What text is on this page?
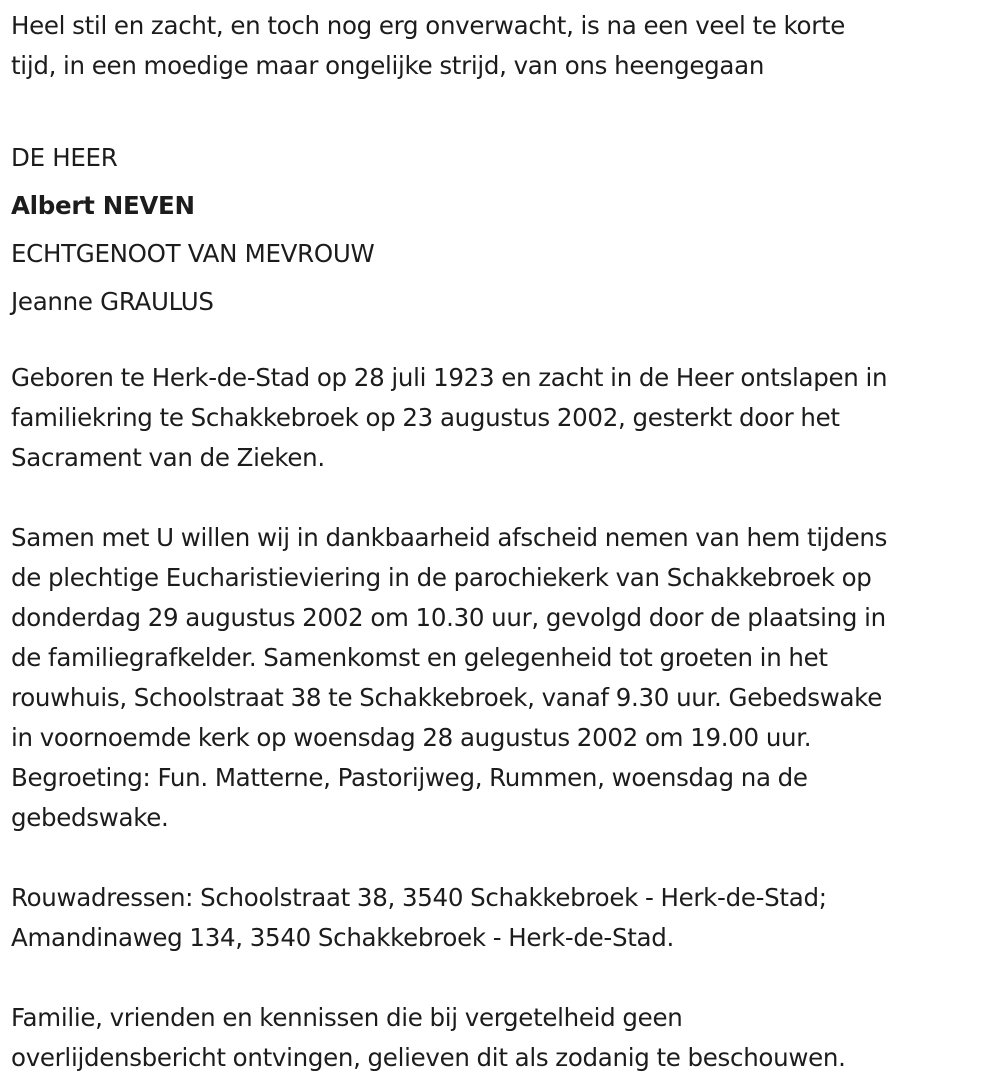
Heel stil en zacht, en toch nog erg onverwacht, is na een veel te korte
tijd, in een moedige maar ongelijke strijd, van ons heengegaan

DE HEER
Albert NEVEN
ECHTGENOOT VAN MEVROUW
Jeanne GRAULUS

Geboren te Herk-de-Stad op 28 juli 1923 en zacht in de Heer ontslapen in
familiekring te Schakkebroek op 23 augustus 2002, gesterkt door het
Sacrament van de Zieken.

Samen met U willen wij in dankbaarheid afscheid nemen van hem tijdens
de plechtige Eucharistieviering in de parochiekerk van Schakkebroek op
donderdag 29 augustus 2002 om 10.30 uur, gevolgd door de plaatsing in
de familiegrafkelder. Samenkomst en gelegenheid tot groeten in het
rouwhuis, Schoolstraat 38 te Schakkebroek, vanaf 9.30 uur. Gebedswake
in voornoemde kerk op woensdag 28 augustus 2002 om 19.00 uur.
Begroeting: Fun. Matterne, Pastorijweg, Rummen, woensdag na de
gebedswake.

Rouwadressen: Schoolstraat 38, 3540 Schakkebroek - Herk-de-Stad;
Amandinaweg 134, 3540 Schakkebroek - Herk-de-Stad.

Familie, vrienden en kennissen die bij vergetelheid geen
overlijdensbericht ontvingen, gelieven dit als zodanig te beschouwen.
